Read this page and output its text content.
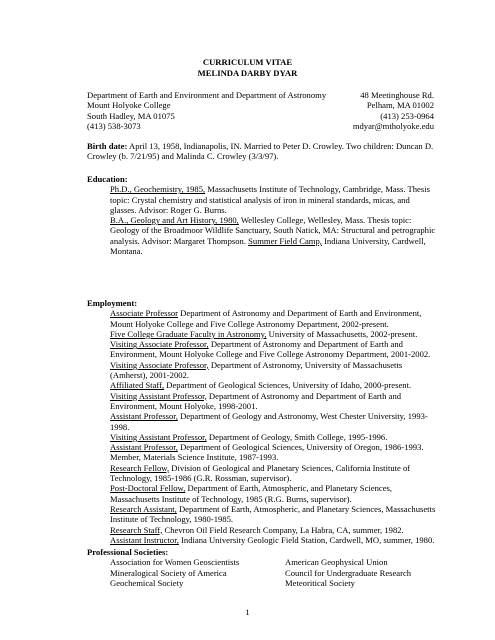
CURRICULUM VITAE
MELINDA DARBY DYAR
Department of Earth and Environment and Department of Astronomy	48 Meetinghouse Rd.
Mount Holyoke College	Pelham, MA 01002
South Hadley, MA 01075	(413) 253-0964
(413) 538-3073	mdyar@mtholyoke.edu
Birth date: April 13, 1958, Indianapolis, IN. Married to Peter D. Crowley. Two children: Duncan D. Crowley (b. 7/21/95) and Malinda C. Crowley (3/3/97).
Education:
Ph.D., Geochemistry, 1985, Massachusetts Institute of Technology, Cambridge, Mass. Thesis topic: Crystal chemistry and statistical analysis of iron in mineral standards, micas, and glasses. Advisor: Roger G. Burns.
B.A., Geology and Art History, 1980, Wellesley College, Wellesley, Mass. Thesis topic: Geology of the Broadmoor Wildlife Sanctuary, South Natick, MA: Structural and petrographic analysis. Advisor: Margaret Thompson. Summer Field Camp, Indiana University, Cardwell, Montana.
Employment:
Associate Professor Department of Astronomy and Department of Earth and Environment, Mount Holyoke College and Five College Astronomy Department, 2002-present.
Five College Graduate Faculty in Astronomy, University of Massachusetts, 2002-present.
Visiting Associate Professor, Department of Astronomy and Department of Earth and Environment, Mount Holyoke College and Five College Astronomy Department, 2001-2002.
Visiting Associate Professor, Department of Astronomy, University of Massachusetts (Amherst), 2001-2002.
Affiliated Staff, Department of Geological Sciences, University of Idaho, 2000-present.
Visiting Assistant Professor, Department of Astronomy and Department of Earth and Environment, Mount Holyoke, 1998-2001.
Assistant Professor, Department of Geology and Astronomy, West Chester University, 1993-1998.
Visiting Assistant Professor, Department of Geology, Smith College, 1995-1996.
Assistant Professor, Department of Geological Sciences, University of Oregon, 1986-1993. Member, Materials Science Institute, 1987-1993.
Research Fellow, Division of Geological and Planetary Sciences, California Institute of Technology, 1985-1986 (G.R. Rossman, supervisor).
Post-Doctoral Fellow, Department of Earth, Atmospheric, and Planetary Sciences, Massachusetts Institute of Technology, 1985 (R.G. Burns, supervisor).
Research Assistant, Department of Earth, Atmospheric, and Planetary Sciences, Massachusetts Institute of Technology, 1980-1985.
Research Staff, Chevron Oil Field Research Company, La Habra, CA, summer, 1982.
Assistant Instructor, Indiana University Geologic Field Station, Cardwell, MO, summer, 1980.
Professional Societies:
Association for Women Geoscientists	American Geophysical Union
Mineralogical Society of America	Council for Undergraduate Research
Geochemical Society	Meteoritical Society
1
